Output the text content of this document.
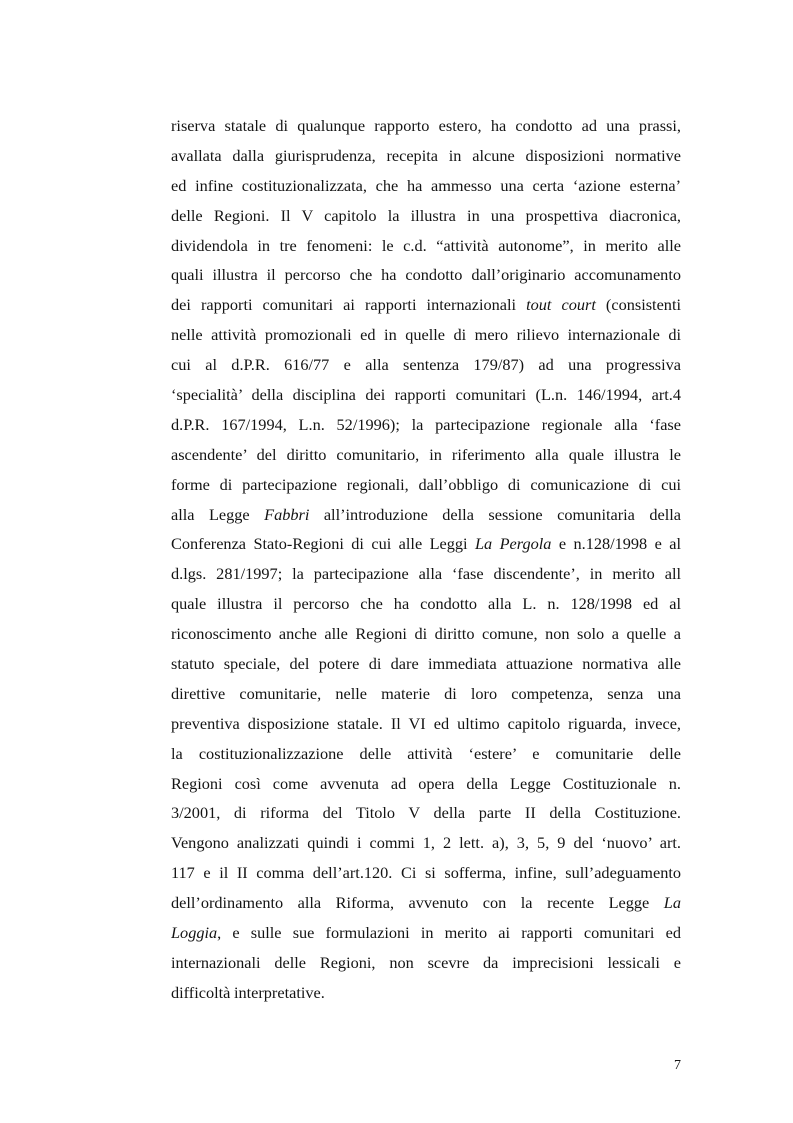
riserva statale di qualunque rapporto estero, ha condotto ad una prassi,
avallata dalla giurisprudenza, recepita in alcune disposizioni normative
ed infine costituzionalizzata, che ha ammesso una certa ‘azione esterna’
delle Regioni. Il V capitolo la illustra in una prospettiva diacronica,
dividendola in tre fenomeni: le c.d. “attività autonome”, in merito alle
quali illustra il percorso che ha condotto dall’originario accomunamento
dei rapporti comunitari ai rapporti internazionali tout court (consistenti
nelle attività promozionali ed in quelle di mero rilievo internazionale di
cui al d.P.R. 616/77 e alla sentenza 179/87) ad una progressiva
‘specialità’ della disciplina dei rapporti comunitari (L.n. 146/1994, art.4
d.P.R. 167/1994, L.n. 52/1996); la partecipazione regionale alla ‘fase
ascendente’ del diritto comunitario, in riferimento alla quale illustra le
forme di partecipazione regionali, dall’obbligo di comunicazione di cui
alla Legge Fabbri all’introduzione della sessione comunitaria della
Conferenza Stato-Regioni di cui alle Leggi La Pergola e n.128/1998 e al
d.lgs. 281/1997; la partecipazione alla ‘fase discendente’, in merito all
quale illustra il percorso che ha condotto alla L. n. 128/1998 ed al
riconoscimento anche alle Regioni di diritto comune, non solo a quelle a
statuto speciale, del potere di dare immediata attuazione normativa alle
direttive comunitarie, nelle materie di loro competenza, senza una
preventiva disposizione statale. Il VI ed ultimo capitolo riguarda, invece,
la costituzionalizzazione delle attività ‘estere’ e comunitarie delle
Regioni così come avvenuta ad opera della Legge Costituzionale n.
3/2001, di riforma del Titolo V della parte II della Costituzione.
Vengono analizzati quindi i commi 1, 2 lett. a), 3, 5, 9 del ‘nuovo’ art.
117 e il II comma dell’art.120. Ci si sofferma, infine, sull’adeguamento
dell’ordinamento alla Riforma, avvenuto con la recente Legge La
Loggia, e sulle sue formulazioni in merito ai rapporti comunitari ed
internazionali delle Regioni, non scevre da imprecisioni lessicali e
difficoltà interpretative.
7
